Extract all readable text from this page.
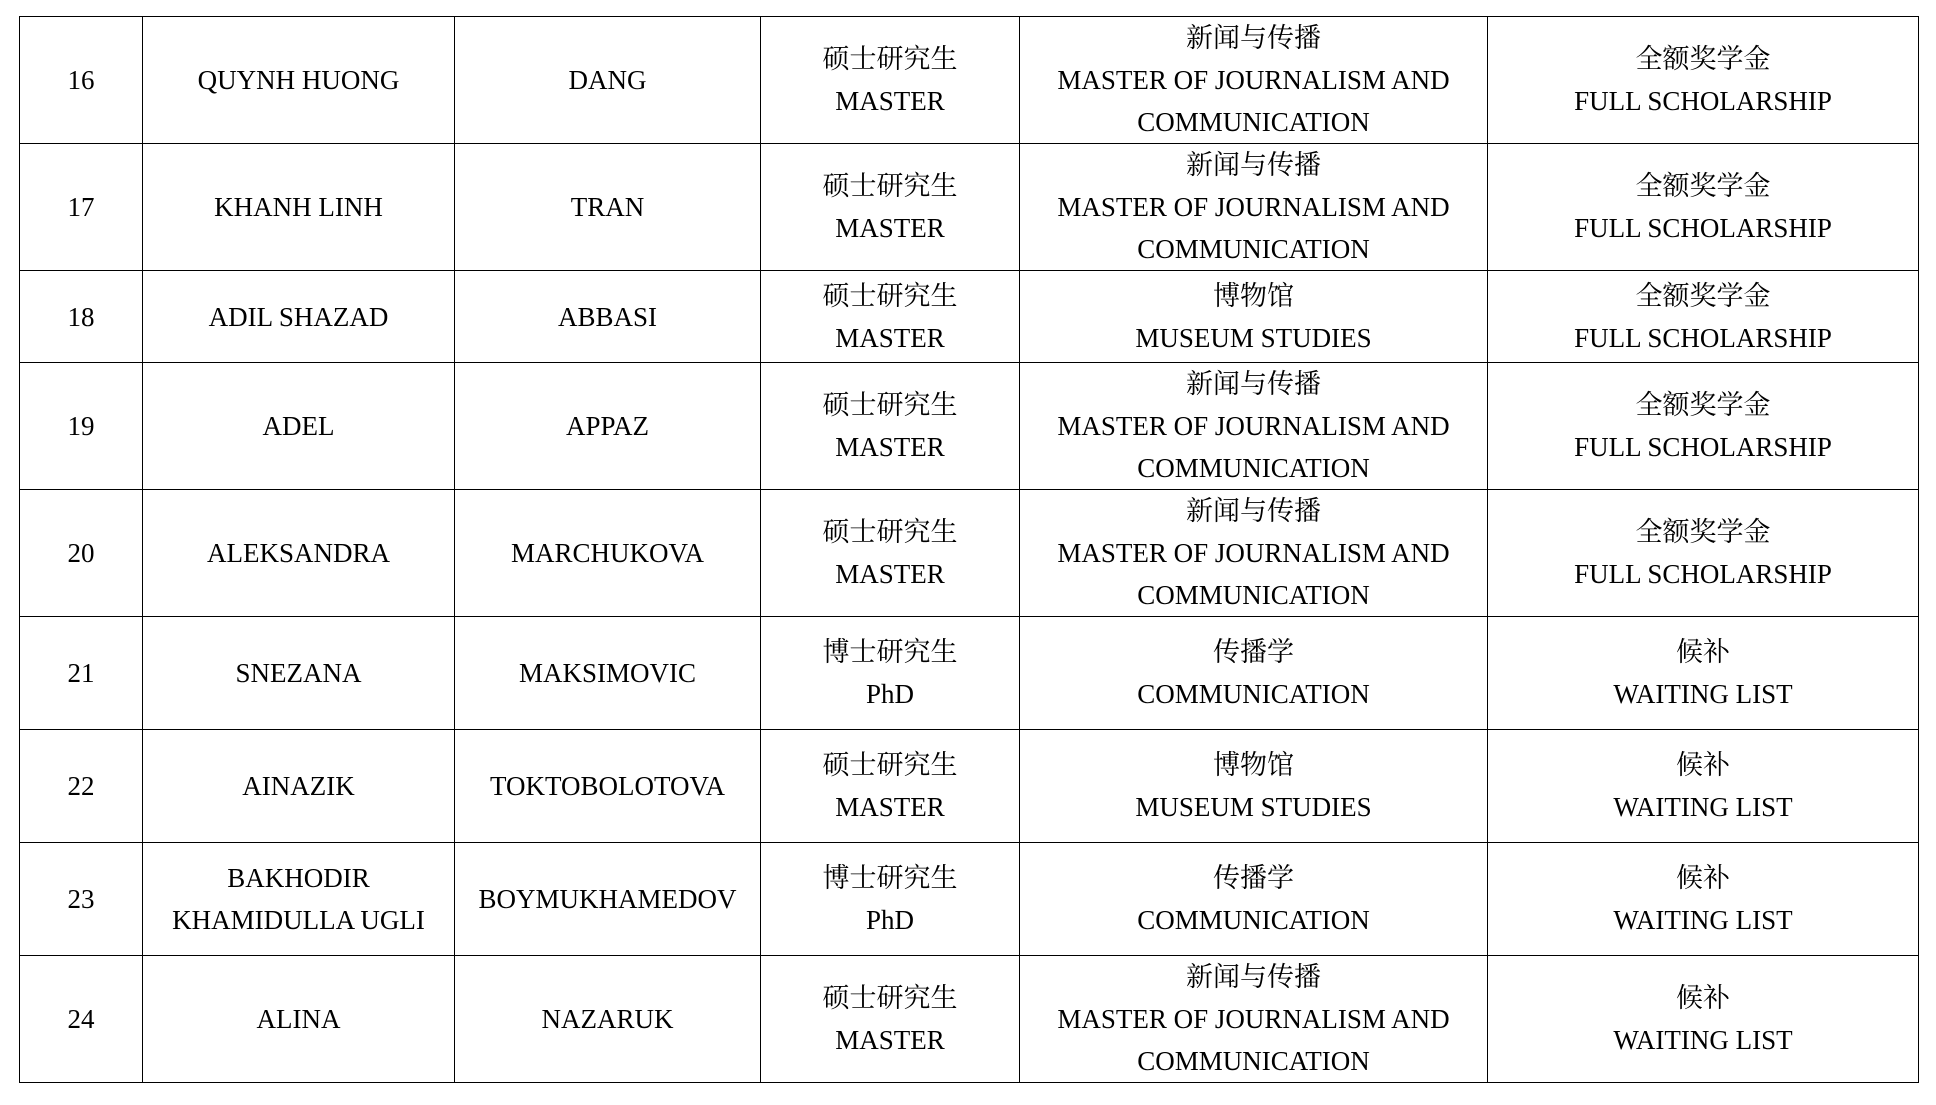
16	QUYNH HUONG	DANG	硕士研究生
MASTER	新闻与传播
MASTER OF JOURNALISM AND
COMMUNICATION	全额奖学金
FULL SCHOLARSHIP

17	KHANH LINH	TRAN	硕士研究生
MASTER	新闻与传播
MASTER OF JOURNALISM AND
COMMUNICATION	全额奖学金
FULL SCHOLARSHIP

18	ADIL SHAZAD	ABBASI	硕士研究生
MASTER	博物馆
MUSEUM STUDIES	全额奖学金
FULL SCHOLARSHIP

19	ADEL	APPAZ	硕士研究生
MASTER	新闻与传播
MASTER OF JOURNALISM AND
COMMUNICATION	全额奖学金
FULL SCHOLARSHIP

20	ALEKSANDRA	MARCHUKOVA	硕士研究生
MASTER	新闻与传播
MASTER OF JOURNALISM AND
COMMUNICATION	全额奖学金
FULL SCHOLARSHIP

21	SNEZANA	MAKSIMOVIC	博士研究生
PhD	传播学
COMMUNICATION	候补
WAITING LIST

22	AINAZIK	TOKTOBOLOTOVA	硕士研究生
MASTER	博物馆
MUSEUM STUDIES	候补
WAITING LIST

23	BAKHODIR
KHAMIDULLA UGLI	BOYMUKHAMEDOV	博士研究生
PhD	传播学
COMMUNICATION	候补
WAITING LIST

24	ALINA	NAZARUK	硕士研究生
MASTER	新闻与传播
MASTER OF JOURNALISM AND
COMMUNICATION	候补
WAITING LIST
